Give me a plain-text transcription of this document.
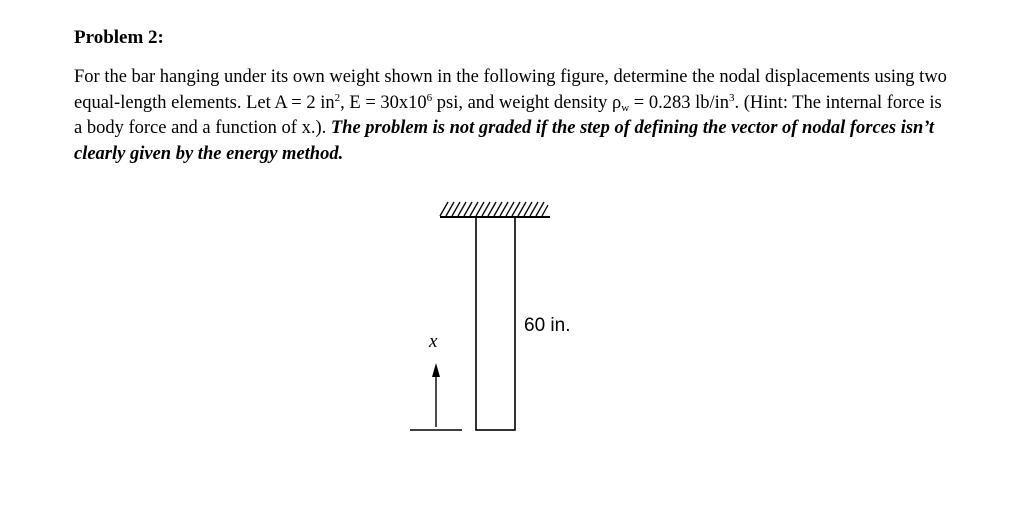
Problem 2:
For the bar hanging under its own weight shown in the following figure, determine the nodal displacements using two equal-length elements. Let A = 2 $in^2$, $E = 30x10^6$ psi, and weight density $\rho_w = 0.283$ $lb/in^3$. (Hint: The internal force is a body force and a function of x.). The problem is not graded if the step of defining the vector of nodal forces isn’t clearly given by the energy method.
60 in.
x
